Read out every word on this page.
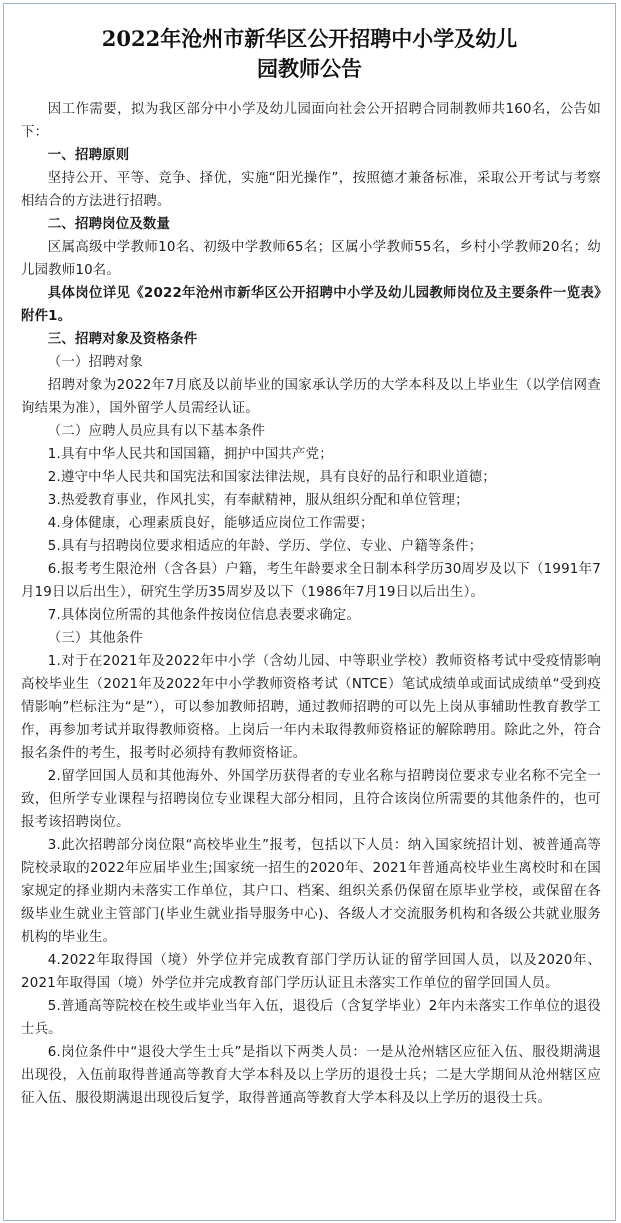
2022年沧州市新华区公开招聘中小学及幼儿
园教师公告

因工作需要，拟为我区部分中小学及幼儿园面向社会公开招聘合同制教师共160名，公告如下：

一、招聘原则

坚持公开、平等、竞争、择优，实施“阳光操作”，按照德才兼备标准，采取公开考试与考察相结合的方法进行招聘。

二、招聘岗位及数量

区属高级中学教师10名、初级中学教师65名；区属小学教师55名，乡村小学教师20名；幼儿园教师10名。

具体岗位详见《2022年沧州市新华区公开招聘中小学及幼儿园教师岗位及主要条件一览表》附件1。

三、招聘对象及资格条件

（一）招聘对象

招聘对象为2022年7月底及以前毕业的国家承认学历的大学本科及以上毕业生（以学信网查询结果为准），国外留学人员需经认证。

（二）应聘人员应具有以下基本条件

1.具有中华人民共和国国籍，拥护中国共产党；

2.遵守中华人民共和国宪法和国家法律法规，具有良好的品行和职业道德；

3.热爱教育事业，作风扎实，有奉献精神，服从组织分配和单位管理；

4.身体健康，心理素质良好，能够适应岗位工作需要；

5.具有与招聘岗位要求相适应的年龄、学历、学位、专业、户籍等条件；

6.报考考生限沧州（含各县）户籍，考生年龄要求全日制本科学历30周岁及以下（1991年7月19日以后出生），研究生学历35周岁及以下（1986年7月19日以后出生）。

7.具体岗位所需的其他条件按岗位信息表要求确定。

（三）其他条件

1.对于在2021年及2022年中小学（含幼儿园、中等职业学校）教师资格考试中受疫情影响高校毕业生（2021年及2022年中小学教师资格考试（NTCE）笔试成绩单或面试成绩单“受到疫情影响”栏标注为“是”），可以参加教师招聘，通过教师招聘的可以先上岗从事辅助性教育教学工作，再参加考试并取得教师资格。上岗后一年内未取得教师资格证的解除聘用。除此之外，符合报名条件的考生，报考时必须持有教师资格证。

2.留学回国人员和其他海外、外国学历获得者的专业名称与招聘岗位要求专业名称不完全一致，但所学专业课程与招聘岗位专业课程大部分相同，且符合该岗位所需要的其他条件的，也可报考该招聘岗位。

3.此次招聘部分岗位限“高校毕业生”报考，包括以下人员：纳入国家统招计划、被普通高等院校录取的2022年应届毕业生;国家统一招生的2020年、2021年普通高校毕业生离校时和在国家规定的择业期内未落实工作单位，其户口、档案、组织关系仍保留在原毕业学校，或保留在各级毕业生就业主管部门(毕业生就业指导服务中心)、各级人才交流服务机构和各级公共就业服务机构的毕业生。

4.2022年取得国（境）外学位并完成教育部门学历认证的留学回国人员，以及2020年、2021年取得国（境）外学位并完成教育部门学历认证且未落实工作单位的留学回国人员。

5.普通高等院校在校生或毕业当年入伍，退役后（含复学毕业）2年内未落实工作单位的退役士兵。

6.岗位条件中“退役大学生士兵”是指以下两类人员：一是从沧州辖区应征入伍、服役期满退出现役，入伍前取得普通高等教育大学本科及以上学历的退役士兵；二是大学期间从沧州辖区应征入伍、服役期满退出现役后复学，取得普通高等教育大学本科及以上学历的退役士兵。
